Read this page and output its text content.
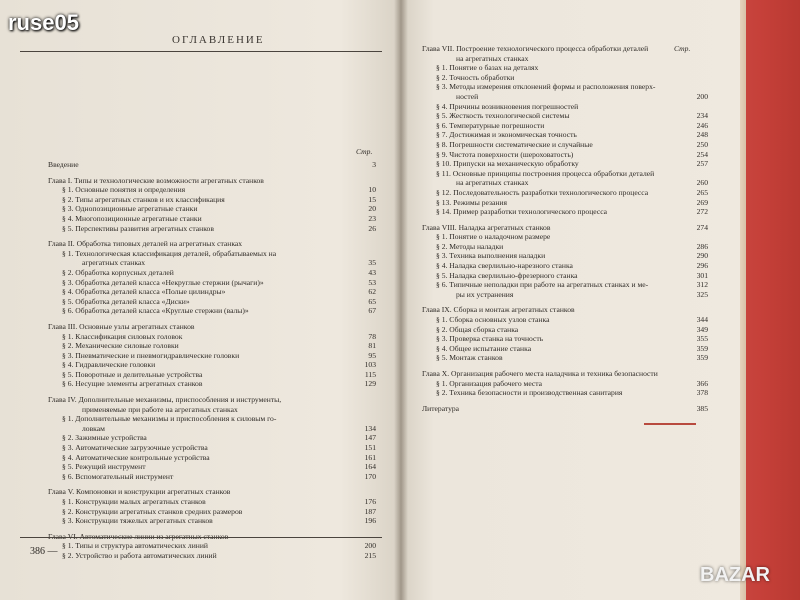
ОГЛАВЛЕНИЕ
Стр.
Введение	3
Глава I. Типы и технологические возможности агрегатных станков
§ 1. Основные понятия и определения	10
§ 2. Типы агрегатных станков и их классификация	15
§ 3. Однопозиционные агрегатные станки	20
§ 4. Многопозиционные агрегатные станки	23
§ 5. Перспективы развития агрегатных станков	26
Глава II. Обработка типовых деталей на агрегатных станках
§ 1. Технологическая классификация деталей, обрабатываемых на
агрегатных станках	35
§ 2. Обработка корпусных деталей	43
§ 3. Обработка деталей класса «Некруглые стержни (рычаги)»	53
§ 4. Обработка деталей класса «Полые цилиндры»	62
§ 5. Обработка деталей класса «Диски»	65
§ 6. Обработка деталей класса «Круглые стержни (валы)»	67
Глава III. Основные узлы агрегатных станков
§ 1. Классификация силовых головок	78
§ 2. Механические силовые головки	81
§ 3. Пневматические и пневмогидравлические головки	95
§ 4. Гидравлические головки	103
§ 5. Поворотные и делительные устройства	115
§ 6. Несущие элементы агрегатных станков	129
Глава IV. Дополнительные механизмы, приспособления и инструменты,
применяемые при работе на агрегатных станках
§ 1. Дополнительные механизмы и приспособления к силовым го-
ловкам	134
§ 2. Зажимные устройства	147
§ 3. Автоматические загрузочные устройства	151
§ 4. Автоматические контрольные устройства	161
§ 5. Режущий инструмент	164
§ 6. Вспомогательный инструмент	170
Глава V. Компоновки и конструкции агрегатных станков
§ 1. Конструкции малых агрегатных станков	176
§ 2. Конструкции агрегатных станков средних размеров	187
§ 3. Конструкции тяжелых агрегатных станков	196
§ 1. Типы и структура автоматических линий	200
§ 2. Устройство и работа автоматических линий	215
386 —
Стр.
Глава VII. Построение технологического процесса обработки деталей
на агрегатных станках
§ 1. Понятие о базах на деталях
§ 2. Точность обработки
§ 3. Методы измерения отклонений формы и расположения поверх-
ностей	200
§ 4. Причины возникновения погрешностей
§ 5. Жесткость технологической системы	234
§ 6. Температурные погрешности	246
§ 7. Достижимая и экономическая точность	248
§ 8. Погрешности систематические и случайные	250
§ 9. Чистота поверхности (шероховатость)	254
§ 10. Припуски на механическую обработку	257
§ 11. Основные принципы построения процесса обработки деталей
на агрегатных станках	260
§ 12. Последовательность разработки технологического процесса	265
§ 13. Режимы резания	269
§ 14. Пример разработки технологического процесса	272
Глава VIII. Наладка агрегатных станков	274
§ 1. Понятие о наладочном размере
§ 2. Методы наладки	286
§ 3. Техника выполнения наладки	290
§ 4. Наладка сверлильно-нарезного станка	296
§ 5. Наладка сверлильно-фрезерного станка	301
§ 6. Типичные неполадки при работе на агрегатных станках и ме-	312
ры их устранения	325
Глава IX. Сборка и монтаж агрегатных станков
§ 1. Сборка основных узлов станка	344
§ 2. Общая сборка станка	349
§ 3. Проверка станка на точность	355
§ 4. Общее испытание станка	359
§ 5. Монтаж станков	359
Глава X. Организация рабочего места наладчика и техника безопасности
§ 1. Организация рабочего места	366
§ 2. Техника безопасности и производственная санитария	378
Литература	385
ruse05
BAZAR
